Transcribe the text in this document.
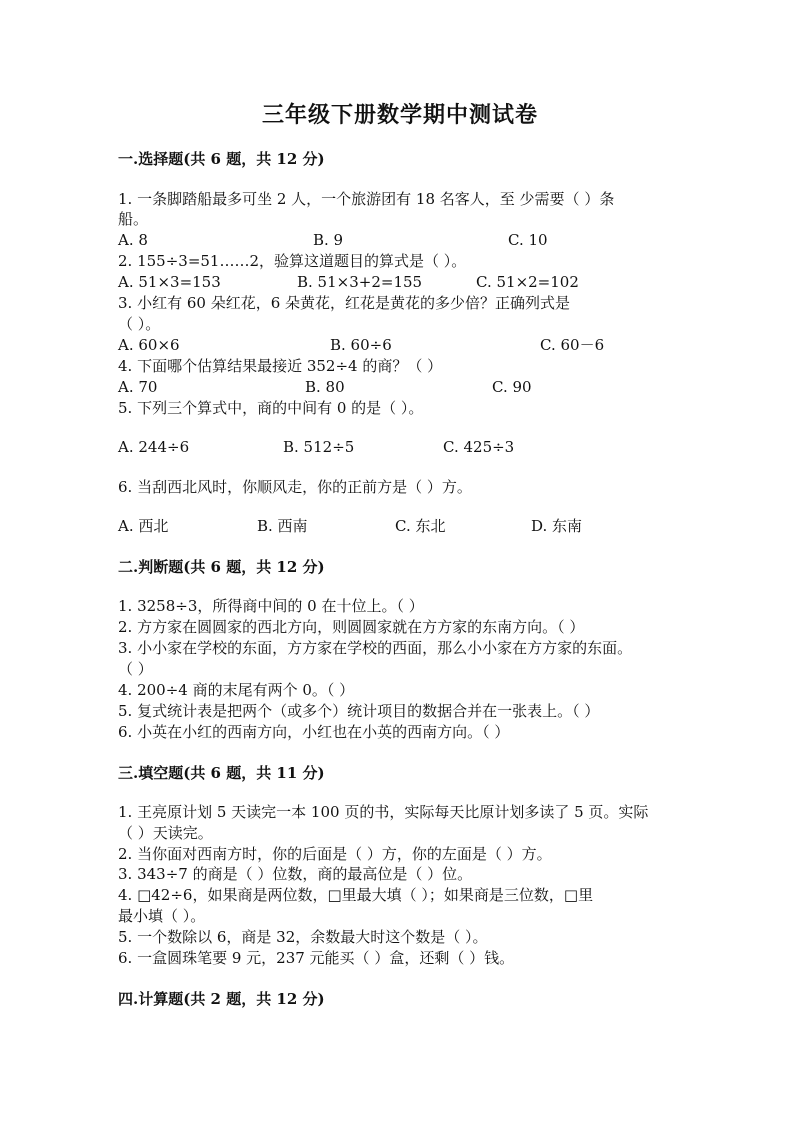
三年级下册数学期中测试卷
一.选择题(共 6 题，共 12 分)
1. 一条脚踏船最多可坐 2 人，一个旅游团有 18 名客人，至 少需要（ ）条
船。
A. 8	B. 9	C. 10
2. 155÷3=51……2，验算这道题目的算式是（ ）。
A. 51×3=153	B. 51×3+2=155	C. 51×2=102
3. 小红有 60 朵红花，6 朵黄花，红花是黄花的多少倍？正确列式是
（ ）。
A. 60×6	B. 60÷6	C. 60－6
4. 下面哪个估算结果最接近 352÷4 的商？（ ）
A. 70	B. 80	C. 90
5. 下列三个算式中，商的中间有 0 的是（ ）。
A. 244÷6	B. 512÷5	C. 425÷3
6. 当刮西北风时，你顺风走，你的正前方是（ ）方。
A. 西北	B. 西南	C. 东北	D. 东南
二.判断题(共 6 题，共 12 分)
1. 3258÷3，所得商中间的 0 在十位上。（ ）
2. 方方家在圆圆家的西北方向，则圆圆家就在方方家的东南方向。（ ）
3. 小小家在学校的东面，方方家在学校的西面，那么小小家在方方家的东面。
（ ）
4. 200÷4 商的末尾有两个 0。（ ）
5. 复式统计表是把两个（或多个）统计项目的数据合并在一张表上。（ ）
6. 小英在小红的西南方向，小红也在小英的西南方向。（ ）
三.填空题(共 6 题，共 11 分)
1. 王亮原计划 5 天读完一本 100 页的书，实际每天比原计划多读了 5 页。实际
（ ）天读完。
2. 当你面对西南方时，你的后面是（ ）方，你的左面是（ ）方。
3. 343÷7 的商是（ ）位数，商的最高位是（ ）位。
4. □42÷6，如果商是两位数，□里最大填（ ）；如果商是三位数，□里
最小填（ ）。
5. 一个数除以 6，商是 32，余数最大时这个数是（ ）。
6. 一盒圆珠笔要 9 元，237 元能买（ ）盒，还剩（ ）钱。
四.计算题(共 2 题，共 12 分)
